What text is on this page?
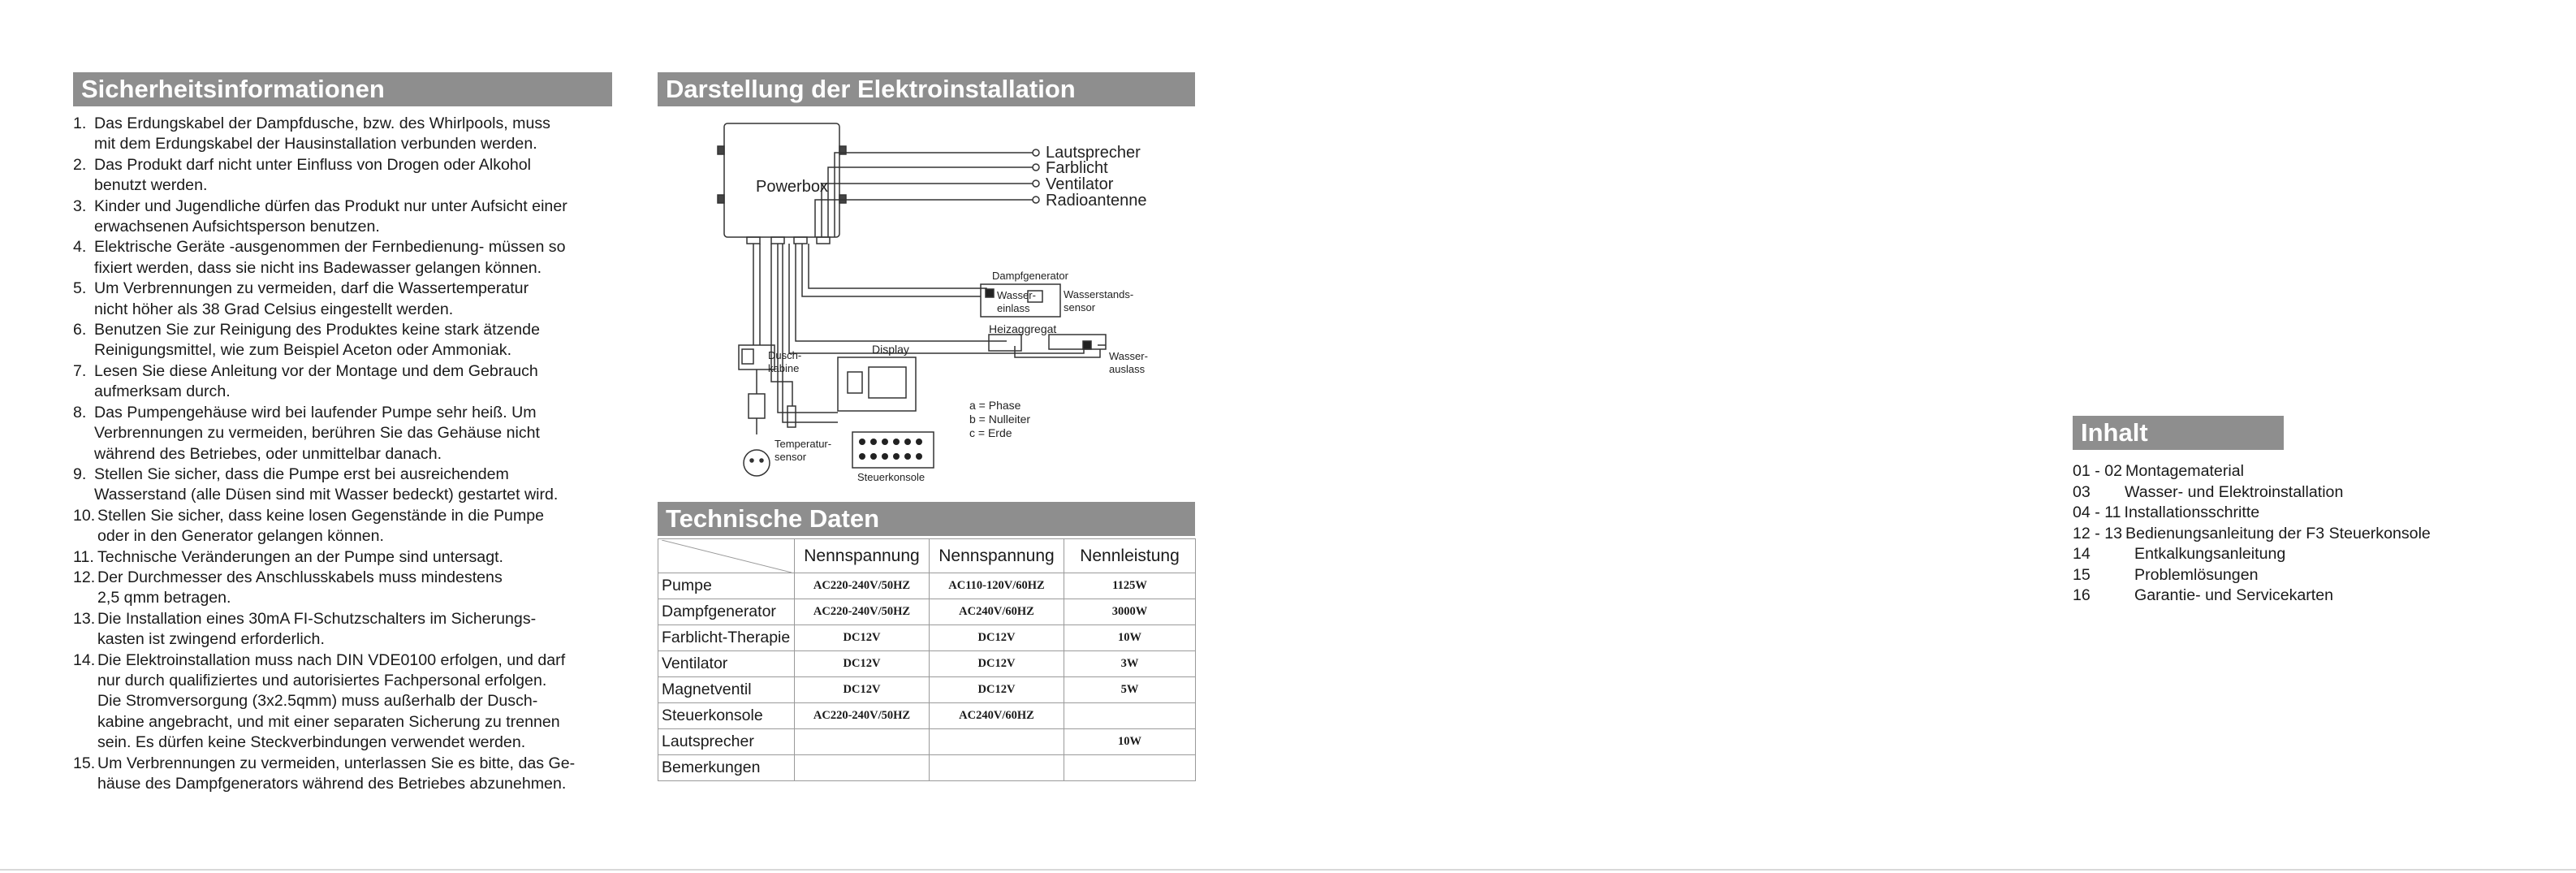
Sicherheitsinformationen
1. Das Erdungskabel der Dampfdusche, bzw. des Whirlpools, muss
mit dem Erdungskabel der Hausinstallation verbunden werden.
2. Das Produkt darf nicht unter Einfluss von Drogen oder Alkohol
benutzt werden.
3. Kinder und Jugendliche dürfen das Produkt nur unter Aufsicht einer
erwachsenen Aufsichtsperson benutzen.
4. Elektrische Geräte -ausgenommen der Fernbedienung- müssen so
fixiert werden, dass sie nicht ins Badewasser gelangen können.
5. Um Verbrennungen zu vermeiden, darf die Wassertemperatur
nicht höher als 38 Grad Celsius eingestellt werden.
6. Benutzen Sie zur Reinigung des Produktes keine stark ätzende
Reinigungsmittel, wie zum Beispiel Aceton oder Ammoniak.
7. Lesen Sie diese Anleitung vor der Montage und dem Gebrauch
aufmerksam durch.
8. Das Pumpengehäuse wird bei laufender Pumpe sehr heiß. Um
Verbrennungen zu vermeiden, berühren Sie das Gehäuse nicht
während des Betriebes, oder unmittelbar danach.
9. Stellen Sie sicher, dass die Pumpe erst bei ausreichendem
Wasserstand (alle Düsen sind mit Wasser bedeckt) gestartet wird.
10. Stellen Sie sicher, dass keine losen Gegenstände in die Pumpe
oder in den Generator gelangen können.
11. Technische Veränderungen an der Pumpe sind untersagt.
12. Der Durchmesser des Anschlusskabels muss mindestens
2,5 qmm betragen.
13. Die Installation eines 30mA FI-Schutzschalters im Sicherungs-
kasten ist zwingend erforderlich.
14. Die Elektroinstallation muss nach DIN VDE0100 erfolgen, und darf
nur durch qualifiziertes und autorisiertes Fachpersonal erfolgen.
Die Stromversorgung (3x2.5qmm) muss außerhalb der Dusch-
kabine angebracht, und mit einer separaten Sicherung zu trennen
sein. Es dürfen keine Steckverbindungen verwendet werden.
15. Um Verbrennungen zu vermeiden, unterlassen Sie es bitte, das Ge-
häuse des Dampfgenerators während des Betriebes abzunehmen.
Darstellung der Elektroinstallation
Powerbox
Lautsprecher
Farblicht
Ventilator
Radioantenne
Dampfgenerator
Wasser-
einlass
Wasserstands-
sensor
Heizaggregat
Wasser-
auslass
Dusch-
kabine
Display
Temperatur-
sensor
Steuerkonsole
a = Phase
b = Nulleiter
c = Erde
Technische Daten
	Nennspannung	Nennspannung	Nennleistung
Pumpe	AC220-240V/50HZ	AC110-120V/60HZ	1125W
Dampfgenerator	AC220-240V/50HZ	AC240V/60HZ	3000W
Farblicht-Therapie	DC12V	DC12V	10W
Ventilator	DC12V	DC12V	3W
Magnetventil	DC12V	DC12V	5W
Steuerkonsole	AC220-240V/50HZ	AC240V/60HZ	
Lautsprecher			10W
Bemerkungen			
Inhalt
01 - 02 Montagematerial
03	Wasser- und Elektroinstallation
04 - 11 Installationsschritte
12 - 13 Bedienungsanleitung der F3 Steuerkonsole
14	Entkalkungsanleitung
15	Problemlösungen
16	Garantie- und Servicekarten
